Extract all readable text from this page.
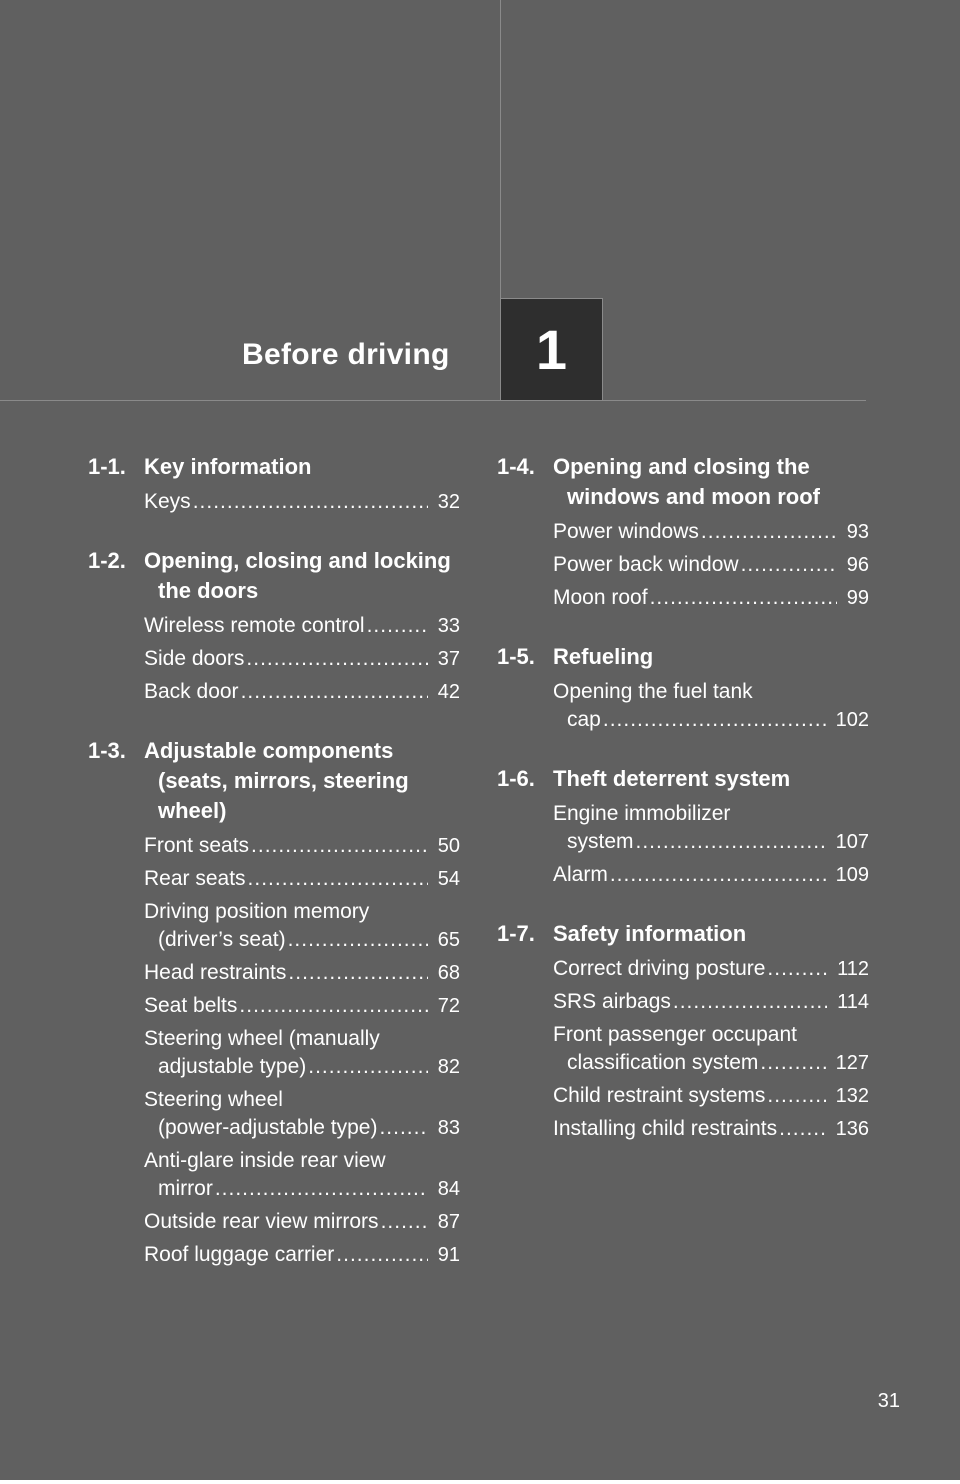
Before driving 1
1-1. Key information
Keys .....	32
1-2. Opening, closing and locking the doors
Wireless remote control .....	33
Side doors .....	37
Back door .....	42
1-3. Adjustable components (seats, mirrors, steering wheel)
Front seats .....	50
Rear seats .....	54
Driving position memory
(driver’s seat) .....	65
Head restraints .....	68
Seat belts .....	72
Steering wheel (manually
adjustable type) .....	82
Steering wheel
(power-adjustable type) .....	83
Anti-glare inside rear view
mirror .....	84
Outside rear view mirrors .....	87
Roof luggage carrier .....	91
1-4. Opening and closing the windows and moon roof
Power windows .....	93
Power back window .....	96
Moon roof .....	99
1-5. Refueling
Opening the fuel tank
cap .....	102
1-6. Theft deterrent system
Engine immobilizer
system .....	107
Alarm .....	109
1-7. Safety information
Correct driving posture .....	112
SRS airbags .....	114
Front passenger occupant
classification system .....	127
Child restraint systems .....	132
Installing child restraints .....	136
31
